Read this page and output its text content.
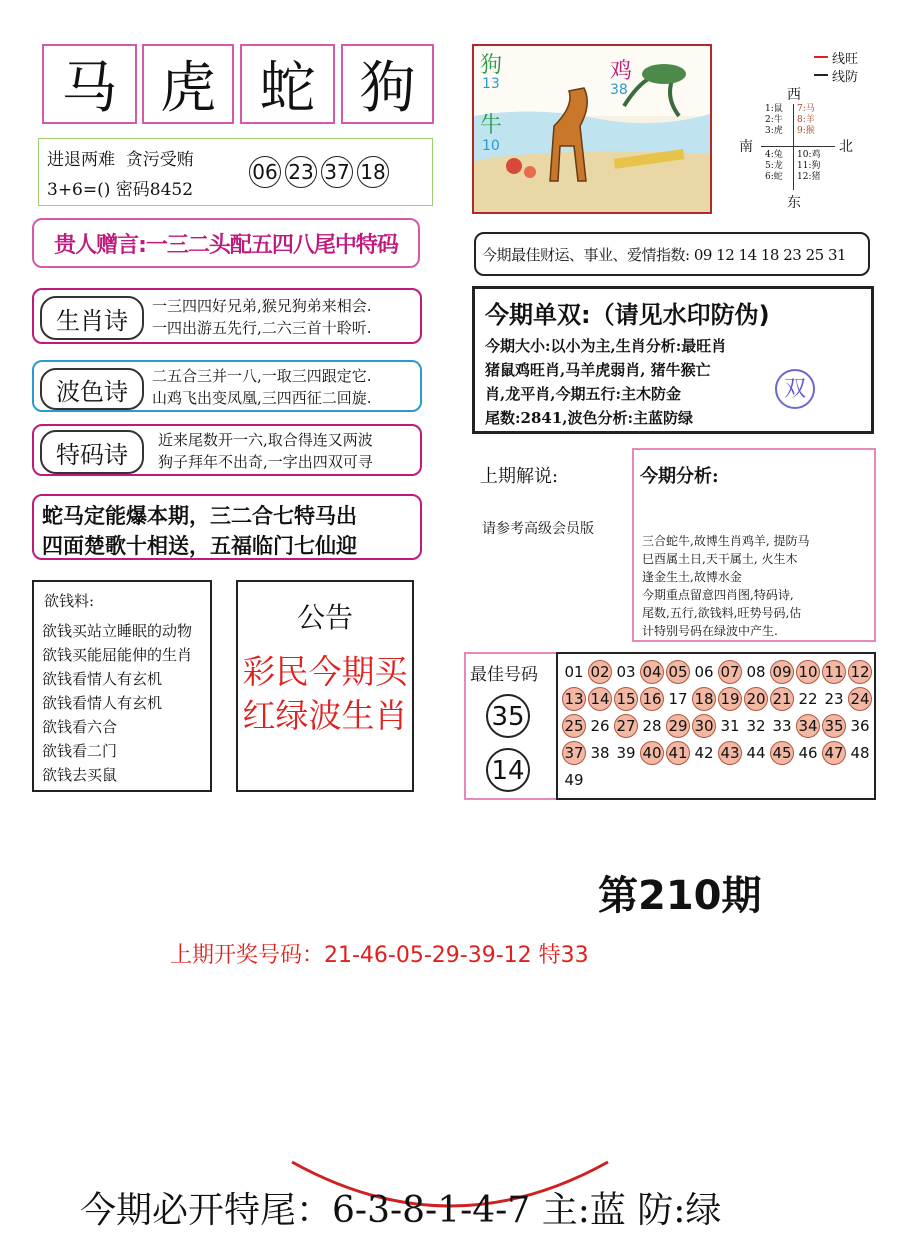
马 虎 蛇 狗
进退两难  贪污受贿
3+6=() 密码8452
06 23 37 18
贵人赠言:一三二头配五四八尾中特码
生肖诗
一三四四好兄弟,猴兄狗弟来相会.
一四出游五先行,二六三首十聆听.
波色诗
二五合三并一八,一取三四跟定它.
山鸡飞出变凤凰,三四西征二回旋.
特码诗
近来尾数开一六,取合得连又两波
狗子拜年不出奇,一字出四双可寻
蛇马定能爆本期，三二合七特马出
四面楚歌十相送，五福临门七仙迎
欲钱料:
欲钱买站立睡眠的动物
欲钱买能屈能伸的生肖
欲钱看情人有玄机
欲钱看情人有玄机
欲钱看六合
欲钱看二门
欲钱去买鼠
公告
彩民今期买
红绿波生肖
狗
13	鸡
38
牛
10
线旺
线防
西
南	北
东
1:鼠
2:牛
3:虎
7:马
8:羊
9:猴
4:兔
5:龙
6:蛇
10:鸡
11:狗
12:猪
今期最佳财运、事业、爱情指数: 09 12 14 18 23 25 31
今期单双:（请见水印防伪)
今期大小:以小为主,生肖分析:最旺肖
猪鼠鸡旺肖,马羊虎弱肖, 猪牛猴亡
肖,龙平肖,今期五行:主木防金
尾数:2841,波色分析:主蓝防绿
双
上期解说:
请参考高级会员版
今期分析:
三合蛇牛,故博生肖鸡羊, 提防马
巳酉属土日,天干属土, 火生木
逢金生土,故博水金
今期重点留意四肖图,特码诗,
尾数,五行,欲钱料,旺势号码,估
计特别号码在绿波中产生.
最佳号码
35
14
01 02 03 04 05 06 07 08 09 10 11 12
13 14 15 16 17 18 19 20 21 22 23 24
25 26 27 28 29 30 31 32 33 34 35 36
37 38 39 40 41 42 43 44 45 46 47 48
49
第210期
上期开奖号码：21-46-05-29-39-12 特33
今期必开特尾：6-3-8-1-4-7 主:蓝 防:绿
